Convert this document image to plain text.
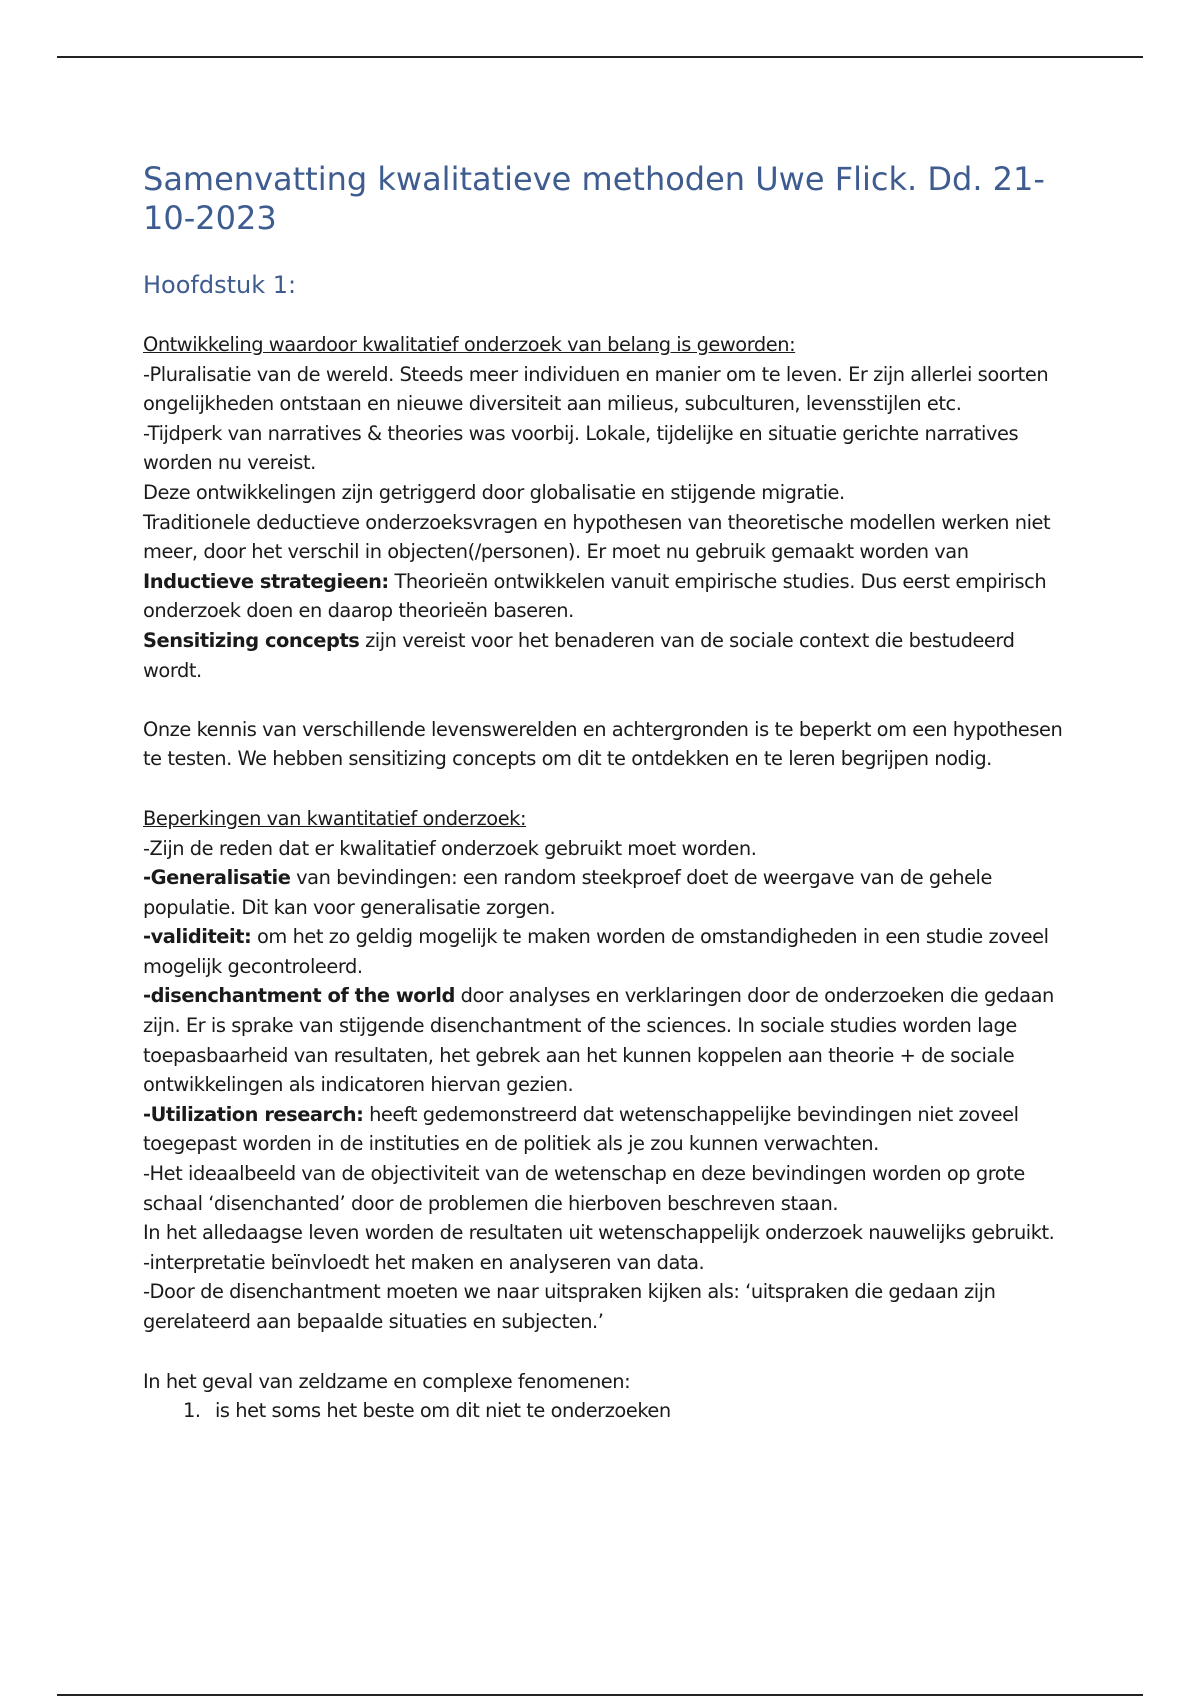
Samenvatting kwalitatieve methoden Uwe Flick. Dd. 21-10-2023
Hoofdstuk 1:

Ontwikkeling waardoor kwalitatief onderzoek van belang is geworden:

-Pluralisatie van de wereld. Steeds meer individuen en manier om te leven. Er zijn allerlei soorten ongelijkheden ontstaan en nieuwe diversiteit aan milieus, subculturen, levensstijlen etc.

-Tijdperk van narratives & theories was voorbij. Lokale, tijdelijke en situatie gerichte narratives worden nu vereist.

Deze ontwikkelingen zijn getriggerd door globalisatie en stijgende migratie.

Traditionele deductieve onderzoeksvragen en hypothesen van theoretische modellen werken niet meer, door het verschil in objecten(/personen). Er moet nu gebruik gemaakt worden van

Inductieve strategieen: Theorieën ontwikkelen vanuit empirische studies. Dus eerst empirisch onderzoek doen en daarop theorieën baseren.

Sensitizing concepts zijn vereist voor het benaderen van de sociale context die bestudeerd wordt.

Onze kennis van verschillende levenswerelden en achtergronden is te beperkt om een hypothesen te testen. We hebben sensitizing concepts om dit te ontdekken en te leren begrijpen nodig.

Beperkingen van kwantitatief onderzoek:

-Zijn de reden dat er kwalitatief onderzoek gebruikt moet worden.

-Generalisatie van bevindingen: een random steekproef doet de weergave van de gehele populatie. Dit kan voor generalisatie zorgen.

-validiteit: om het zo geldig mogelijk te maken worden de omstandigheden in een studie zoveel mogelijk gecontroleerd.

-disenchantment of the world door analyses en verklaringen door de onderzoeken die gedaan zijn. Er is sprake van stijgende disenchantment of the sciences. In sociale studies worden lage toepasbaarheid van resultaten, het gebrek aan het kunnen koppelen aan theorie + de sociale ontwikkelingen als indicatoren hiervan gezien.

-Utilization research: heeft gedemonstreerd dat wetenschappelijke bevindingen niet zoveel toegepast worden in de instituties en de politiek als je zou kunnen verwachten.

-Het ideaalbeeld van de objectiviteit van de wetenschap en deze bevindingen worden op grote schaal ‘disenchanted’ door de problemen die hierboven beschreven staan.

In het alledaagse leven worden de resultaten uit wetenschappelijk onderzoek nauwelijks gebruikt.

-interpretatie beïnvloedt het maken en analyseren van data.

-Door de disenchantment moeten we naar uitspraken kijken als: ‘uitspraken die gedaan zijn gerelateerd aan bepaalde situaties en subjecten.’

In het geval van zeldzame en complexe fenomenen:

1. is het soms het beste om dit niet te onderzoeken
